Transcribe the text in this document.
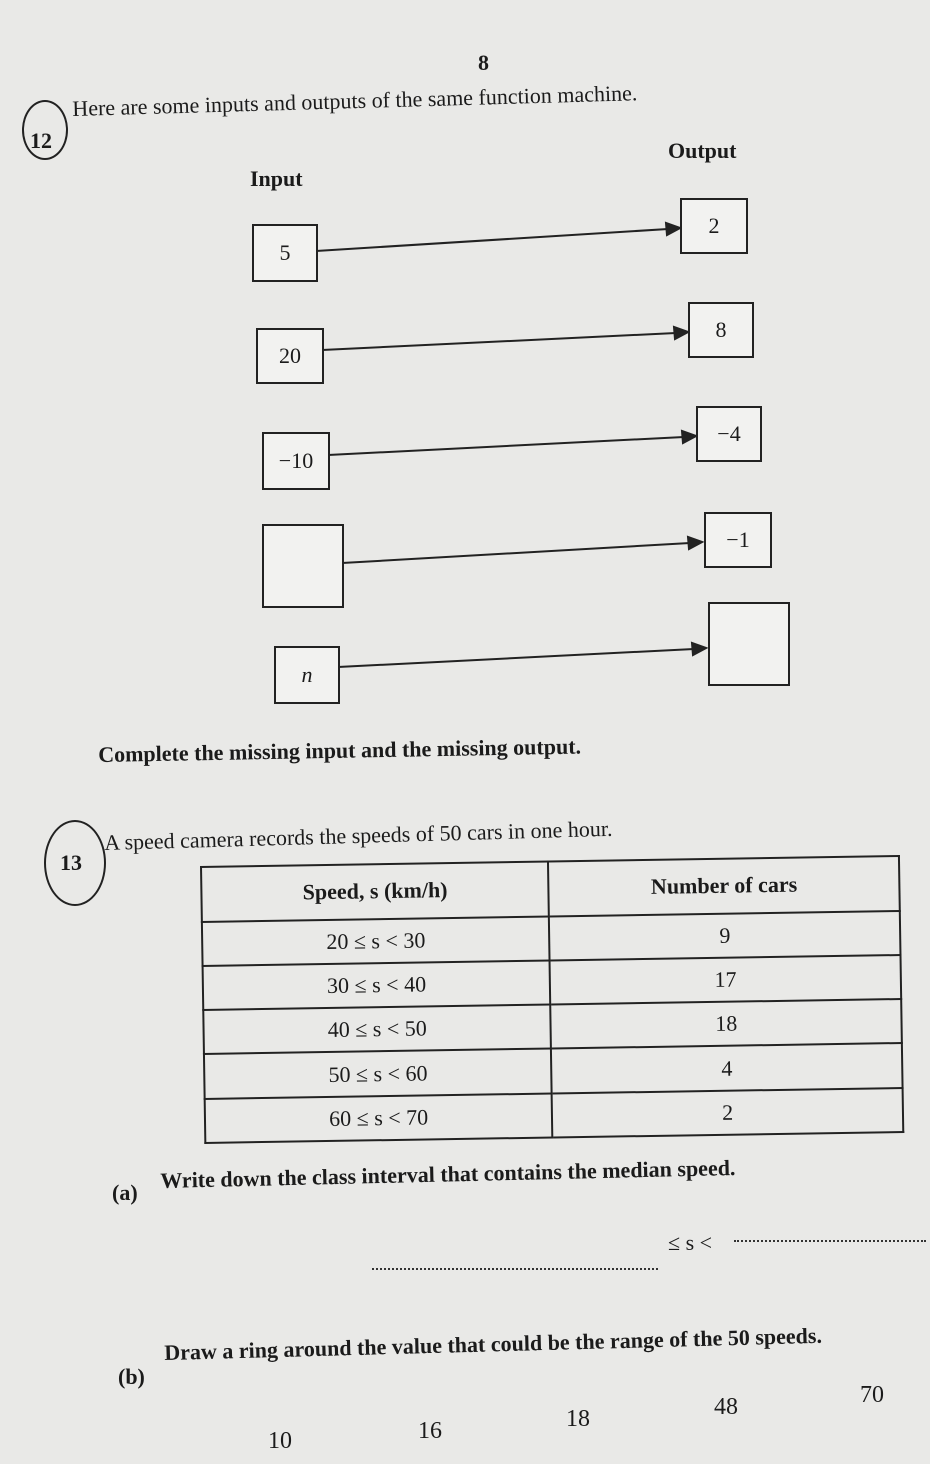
8
12
Here are some inputs and outputs of the same function machine.
Input
Output
5
20
−10
n
2
8
−4
−1
Complete the missing input and the missing output.
13
A speed camera records the speeds of 50 cars in one hour.
Speed, s (km/h)	Number of cars
20 ≤ s < 30	9
30 ≤ s < 40	17
40 ≤ s < 50	18
50 ≤ s < 60	4
60 ≤ s < 70	2
(a) Write down the class interval that contains the median speed.
≤ s <
(b)
Draw a ring around the value that could be the range of the 50 speeds.
10	16	18	48	70
